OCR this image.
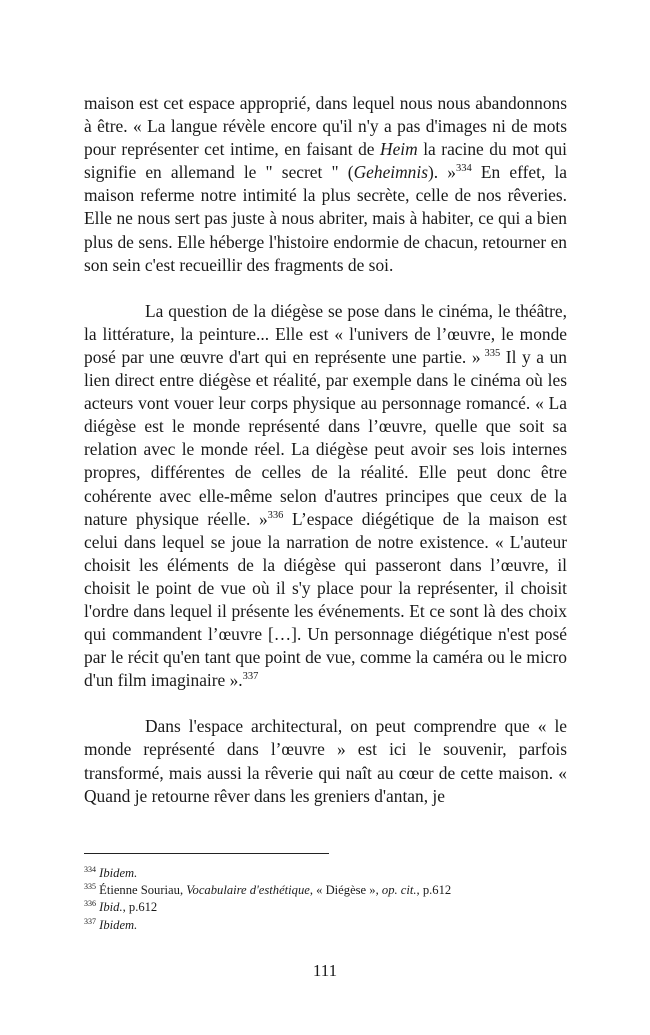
maison est cet espace approprié, dans lequel nous nous abandonnons à être. « La langue révèle encore qu'il n'y a pas d'images ni de mots pour représenter cet intime, en faisant de Heim la racine du mot qui signifie en allemand le " secret " (Geheimnis). »$^{334}$ En effet, la maison referme notre intimité la plus secrète, celle de nos rêveries. Elle ne nous sert pas juste à nous abriter, mais à habiter, ce qui a bien plus de sens. Elle héberge l'histoire endormie de chacun, retourner en son sein c'est recueillir des fragments de soi.

La question de la diégèse se pose dans le cinéma, le théâtre, la littérature, la peinture... Elle est « l'univers de l’œuvre, le monde posé par une œuvre d'art qui en représente une partie. » $^{335}$ Il y a un lien direct entre diégèse et réalité, par exemple dans le cinéma où les acteurs vont vouer leur corps physique au personnage romancé. « La diégèse est le monde représenté dans l’œuvre, quelle que soit sa relation avec le monde réel. La diégèse peut avoir ses lois internes propres, différentes de celles de la réalité. Elle peut donc être cohérente avec elle-même selon d'autres principes que ceux de la nature physique réelle. »$^{336}$ L’espace diégétique de la maison est celui dans lequel se joue la narration de notre existence. « L'auteur choisit les éléments de la diégèse qui passeront dans l’œuvre, il choisit le point de vue où il s'y place pour la représenter, il choisit l'ordre dans lequel il présente les événements. Et ce sont là des choix qui commandent l’œuvre […]. Un personnage diégétique n'est posé par le récit qu'en tant que point de vue, comme la caméra ou le micro d'un film imaginaire ».$^{337}$

Dans l'espace architectural, on peut comprendre que « le monde représenté dans l’œuvre » est ici le souvenir, parfois transformé, mais aussi la rêverie qui naît au cœur de cette maison. « Quand je retourne rêver dans les greniers d'antan, je

$^{334}$ Ibidem.

$^{335}$ Étienne Souriau, Vocabulaire d'esthétique, « Diégèse », op. cit., p.612

$^{336}$ Ibid., p.612

$^{337}$ Ibidem.

111
